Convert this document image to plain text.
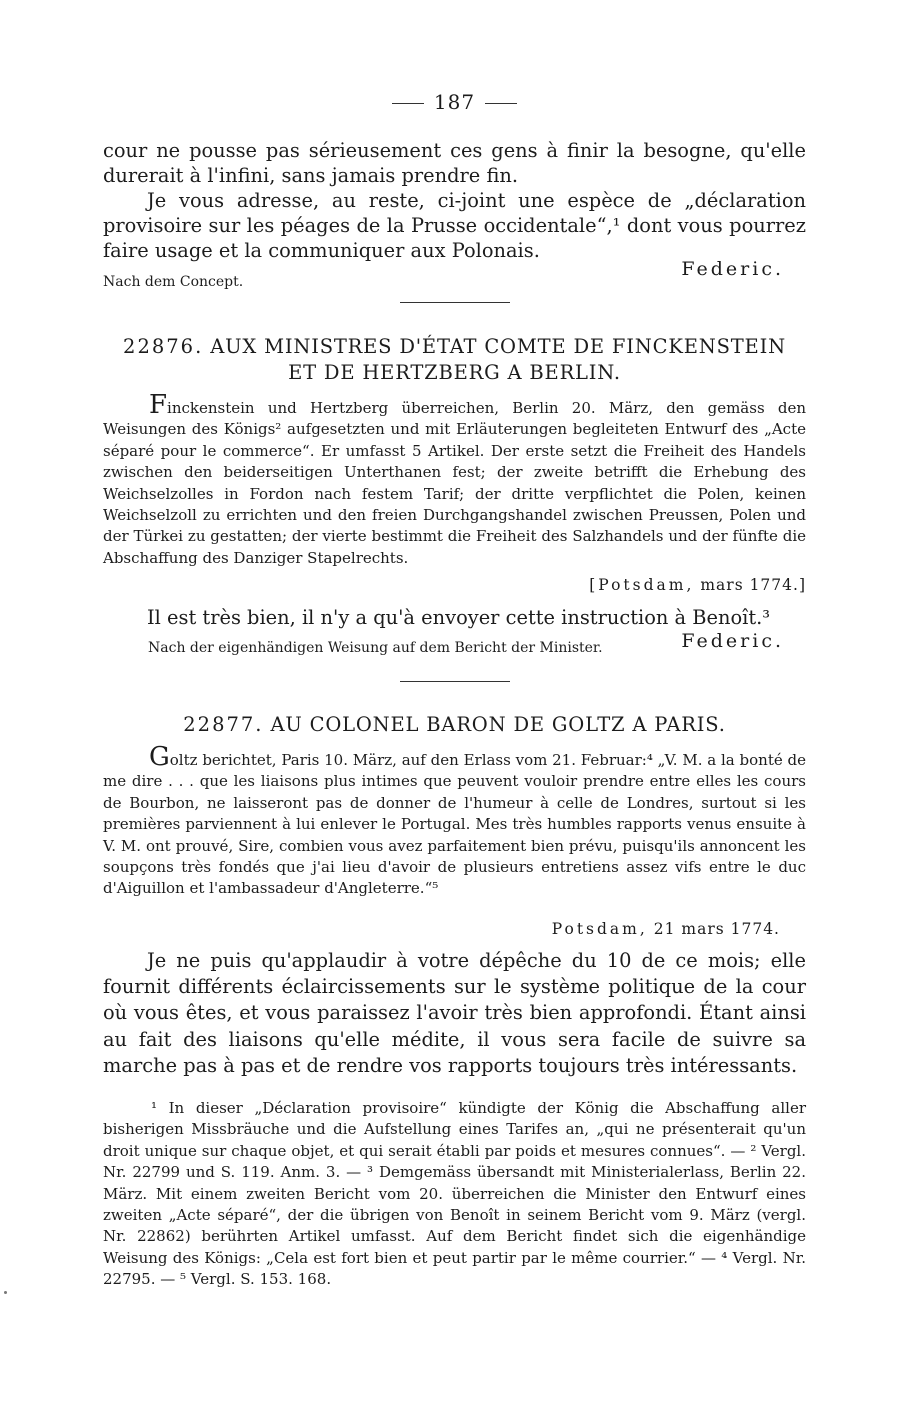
187

cour ne pousse pas sérieusement ces gens à finir la besogne, qu'elle durerait à l'infini, sans jamais prendre fin.

Je vous adresse, au reste, ci-joint une espèce de „déclaration provisoire sur les péages de la Prusse occidentale“,¹ dont vous pourrez faire usage et la communiquer aux Polonais.

Nach dem Concept.

Federic.
22876. AUX MINISTRES D'ÉTAT COMTE DE FINCKENSTEIN
ET DE HERTZBERG A BERLIN.

Finckenstein und Hertzberg überreichen, Berlin 20. März, den gemäss den Weisungen des Königs² aufgesetzten und mit Erläuterungen begleiteten Entwurf des „Acte séparé pour le commerce“. Er umfasst 5 Artikel. Der erste setzt die Freiheit des Handels zwischen den beiderseitigen Unterthanen fest; der zweite betrifft die Erhebung des Weichselzolles in Fordon nach festem Tarif; der dritte verpflichtet die Polen, keinen Weichselzoll zu errichten und den freien Durchgangshandel zwischen Preussen, Polen und der Türkei zu gestatten; der vierte bestimmt die Freiheit des Salzhandels und der fünfte die Abschaffung des Danziger Stapelrechts.

[Potsdam, mars 1774.]

Il est très bien, il n'y a qu'à envoyer cette instruction à Benoît.³

Nach der eigenhändigen Weisung auf dem Bericht der Minister.	Federic.
22877. AU COLONEL BARON DE GOLTZ A PARIS.

Goltz berichtet, Paris 10. März, auf den Erlass vom 21. Februar:⁴ „V. M. a la bonté de me dire . . . que les liaisons plus intimes que peuvent vouloir prendre entre elles les cours de Bourbon, ne laisseront pas de donner de l'humeur à celle de Londres, surtout si les premières parviennent à lui enlever le Portugal. Mes très humbles rapports venus ensuite à V. M. ont prouvé, Sire, combien vous avez parfaitement bien prévu, puisqu'ils annoncent les soupçons très fondés que j'ai lieu d'avoir de plusieurs entretiens assez vifs entre le duc d'Aiguillon et l'ambassadeur d'Angleterre.“⁵

Potsdam, 21 mars 1774.

Je ne puis qu'applaudir à votre dépêche du 10 de ce mois; elle fournit différents éclaircissements sur le système politique de la cour où vous êtes, et vous paraissez l'avoir très bien approfondi. Étant ainsi au fait des liaisons qu'elle médite, il vous sera facile de suivre sa marche pas à pas et de rendre vos rapports toujours très intéressants.

¹ In dieser „Déclaration provisoire“ kündigte der König die Abschaffung aller bisherigen Missbräuche und die Aufstellung eines Tarifes an, „qui ne présenterait qu'un droit unique sur chaque objet, et qui serait établi par poids et mesures connues“. — ² Vergl. Nr. 22799 und S. 119. Anm. 3. — ³ Demgemäss übersandt mit Ministerialerlass, Berlin 22. März. Mit einem zweiten Bericht vom 20. überreichen die Minister den Entwurf eines zweiten „Acte séparé“, der die übrigen von Benoît in seinem Bericht vom 9. März (vergl. Nr. 22862) berührten Artikel umfasst. Auf dem Bericht findet sich die eigenhändige Weisung des Königs: „Cela est fort bien et peut partir par le même courrier.“ — ⁴ Vergl. Nr. 22795. — ⁵ Vergl. S. 153. 168.
